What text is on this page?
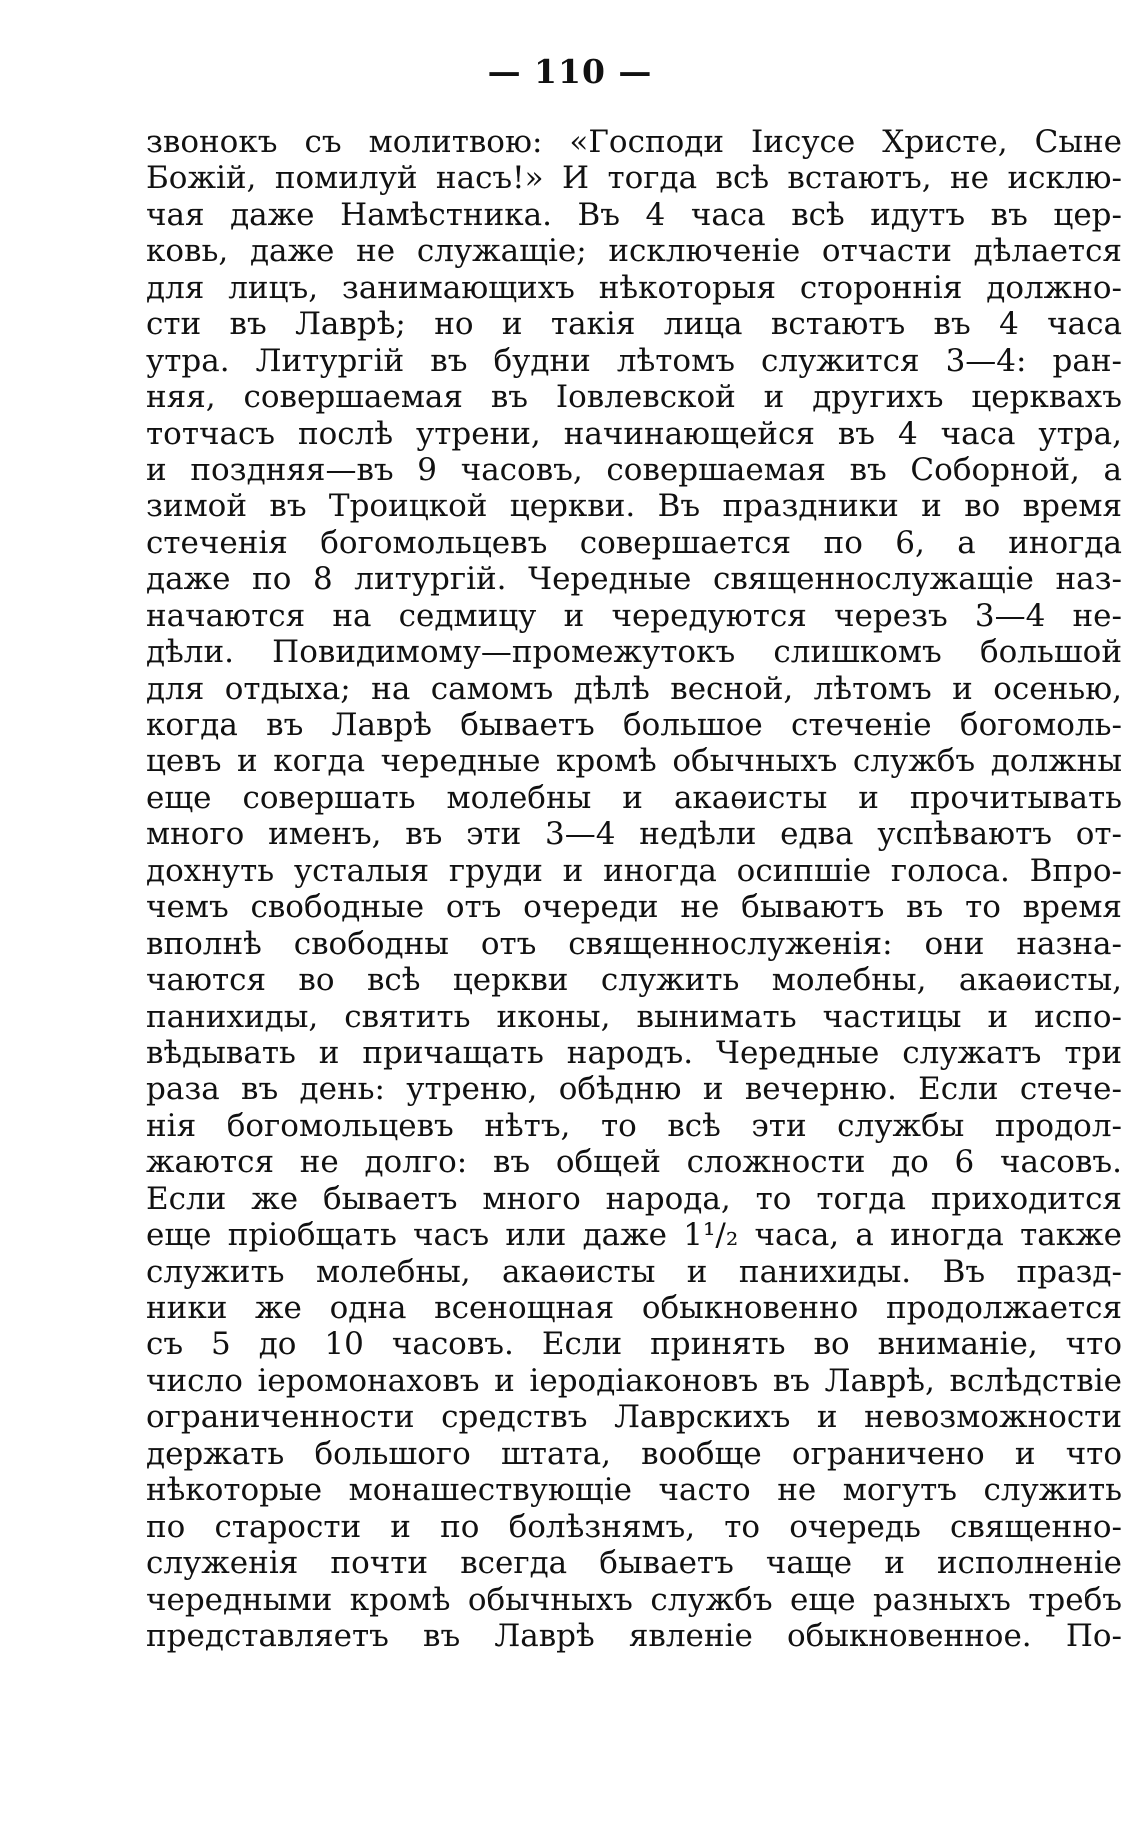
— 110 —
звонокъ съ молитвою: «Господи Іисусе Христе, Сыне
Божій, помилуй насъ!» И тогда всѣ встаютъ, не исклю-
чая даже Намѣстника. Въ 4 часа всѣ идутъ въ цер-
ковь, даже не служащіе; исключеніе отчасти дѣлается
для лицъ, занимающихъ нѣкоторыя стороннія должно-
сти въ Лаврѣ; но и такія лица встаютъ въ 4 часа
утра. Литургій въ будни лѣтомъ служится 3—4: ран-
няя, совершаемая въ Іовлевской и другихъ церквахъ
тотчасъ послѣ утрени, начинающейся въ 4 часа утра,
и поздняя—въ 9 часовъ, совершаемая въ Соборной, а
зимой въ Троицкой церкви. Въ праздники и во время
стеченія богомольцевъ совершается по 6, а иногда
даже по 8 литургій. Чередные священнослужащіе наз-
начаются на седмицу и чередуются черезъ 3—4 не-
дѣли. Повидимому—промежутокъ слишкомъ большой
для отдыха; на самомъ дѣлѣ весной, лѣтомъ и осенью,
когда въ Лаврѣ бываетъ большое стеченіе богомоль-
цевъ и когда чередные кромѣ обычныхъ службъ должны
еще совершать молебны и акаѳисты и прочитывать
много именъ, въ эти 3—4 недѣли едва успѣваютъ от-
дохнуть усталыя груди и иногда осипшіе голоса. Впро-
чемъ свободные отъ очереди не бываютъ въ то время
вполнѣ свободны отъ священнослуженія: они назна-
чаются во всѣ церкви служить молебны, акаѳисты,
панихиды, святить иконы, вынимать частицы и испо-
вѣдывать и причащать народъ. Чередные служатъ три
раза въ день: утреню, обѣдню и вечерню. Если стече-
нія богомольцевъ нѣтъ, то всѣ эти службы продол-
жаются не долго: въ общей сложности до 6 часовъ.
Если же бываетъ много народа, то тогда приходится
еще пріобщать часъ или даже 1¹/₂ часа, а иногда также
служить молебны, акаѳисты и панихиды. Въ празд-
ники же одна всенощная обыкновенно продолжается
съ 5 до 10 часовъ. Если принять во вниманіе, что
число іеромонаховъ и іеродіаконовъ въ Лаврѣ, вслѣдствіе
ограниченности средствъ Лаврскихъ и невозможности
держать большого штата, вообще ограничено и что
нѣкоторые монашествующіе часто не могутъ служить
по старости и по болѣзнямъ, то очередь священно-
служенія почти всегда бываетъ чаще и исполненіе
чередными кромѣ обычныхъ службъ еще разныхъ требъ
представляетъ въ Лаврѣ явленіе обыкновенное. По-
